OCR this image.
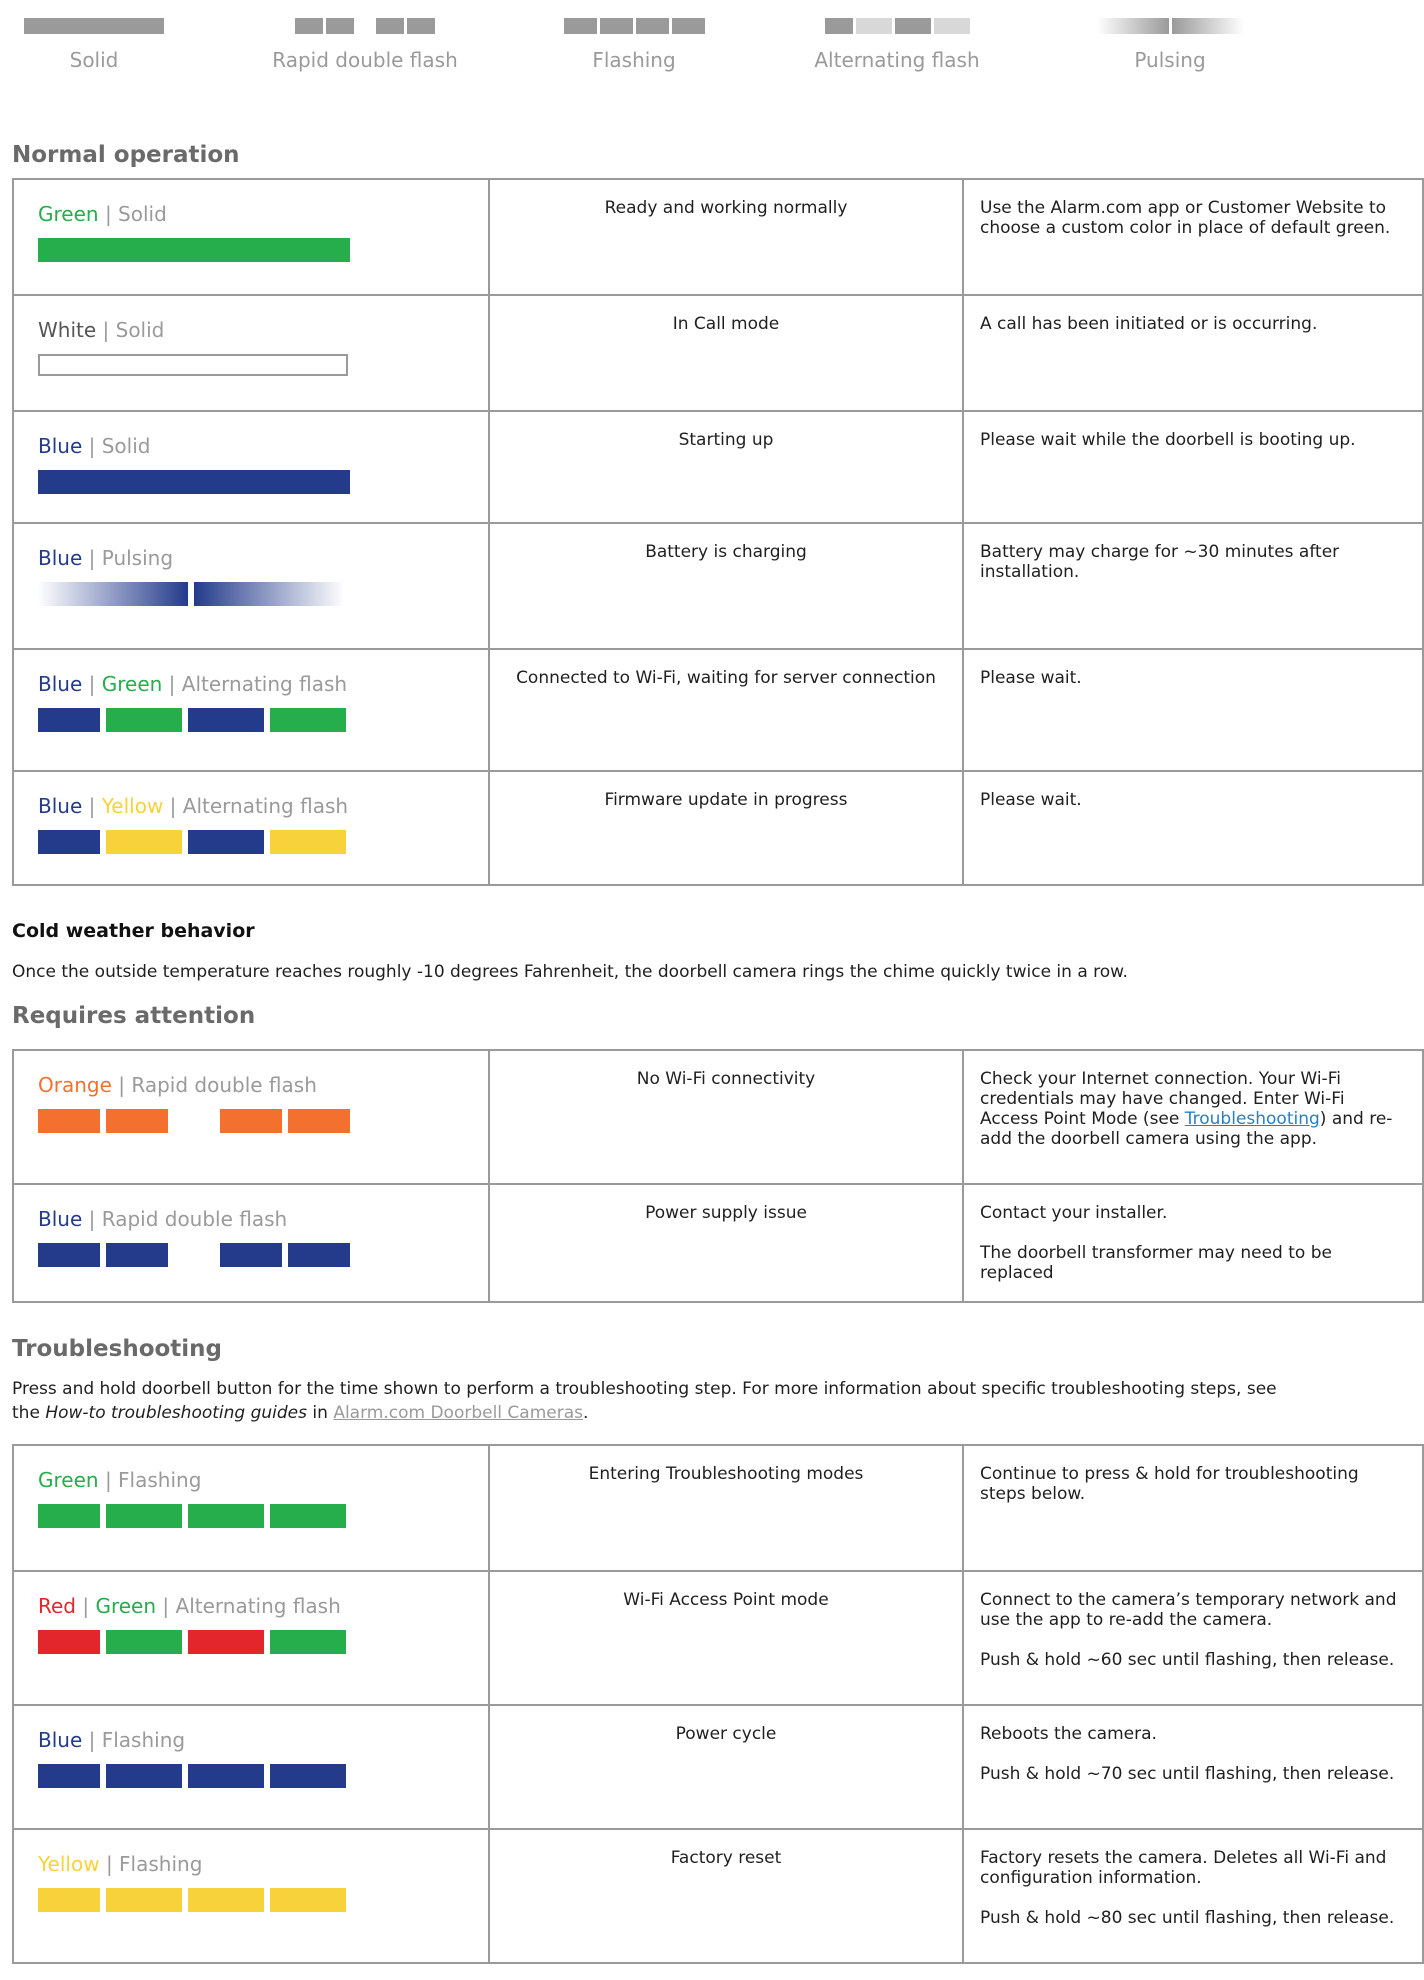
Solid	Rapid double flash	Flashing	Alternating flash	Pulsing
Normal operation
Green | Solid	Ready and working normally	Use the Alarm.com app or Customer Website to choose a custom color in place of default green.

White | Solid	In Call mode	A call has been initiated or is occurring.

Blue | Solid	Starting up	Please wait while the doorbell is booting up.

Blue | Pulsing	Battery is charging	Battery may charge for ~30 minutes after installation.

Blue | Green | Alternating flash	Connected to Wi-Fi, waiting for server connection	Please wait.

Blue | Yellow | Alternating flash	Firmware update in progress	Please wait.

Cold weather behavior

Once the outside temperature reaches roughly -10 degrees Fahrenheit, the doorbell camera rings the chime quickly twice in a row.

Requires attention
Orange | Rapid double flash	No Wi-Fi connectivity	Check your Internet connection. Your Wi-Fi credentials may have changed. Enter Wi-Fi Access Point Mode (see Troubleshooting) and re-add the doorbell camera using the app.

Blue | Rapid double flash	Power supply issue	Contact your installer.

The doorbell transformer may need to be replaced

Troubleshooting

Press and hold doorbell button for the time shown to perform a troubleshooting step. For more information about specific troubleshooting steps, see the How-to troubleshooting guides in Alarm.com Doorbell Cameras.

Green | Flashing	Entering Troubleshooting modes	Continue to press & hold for troubleshooting steps below.

Red | Green | Alternating flash	Wi-Fi Access Point mode	Connect to the camera’s temporary network and use the app to re-add the camera.

Push & hold ~60 sec until flashing, then release.

Blue | Flashing	Power cycle	Reboots the camera.

Push & hold ~70 sec until flashing, then release.

Yellow | Flashing	Factory reset	Factory resets the camera. Deletes all Wi-Fi and configuration information.

Push & hold ~80 sec until flashing, then release.
